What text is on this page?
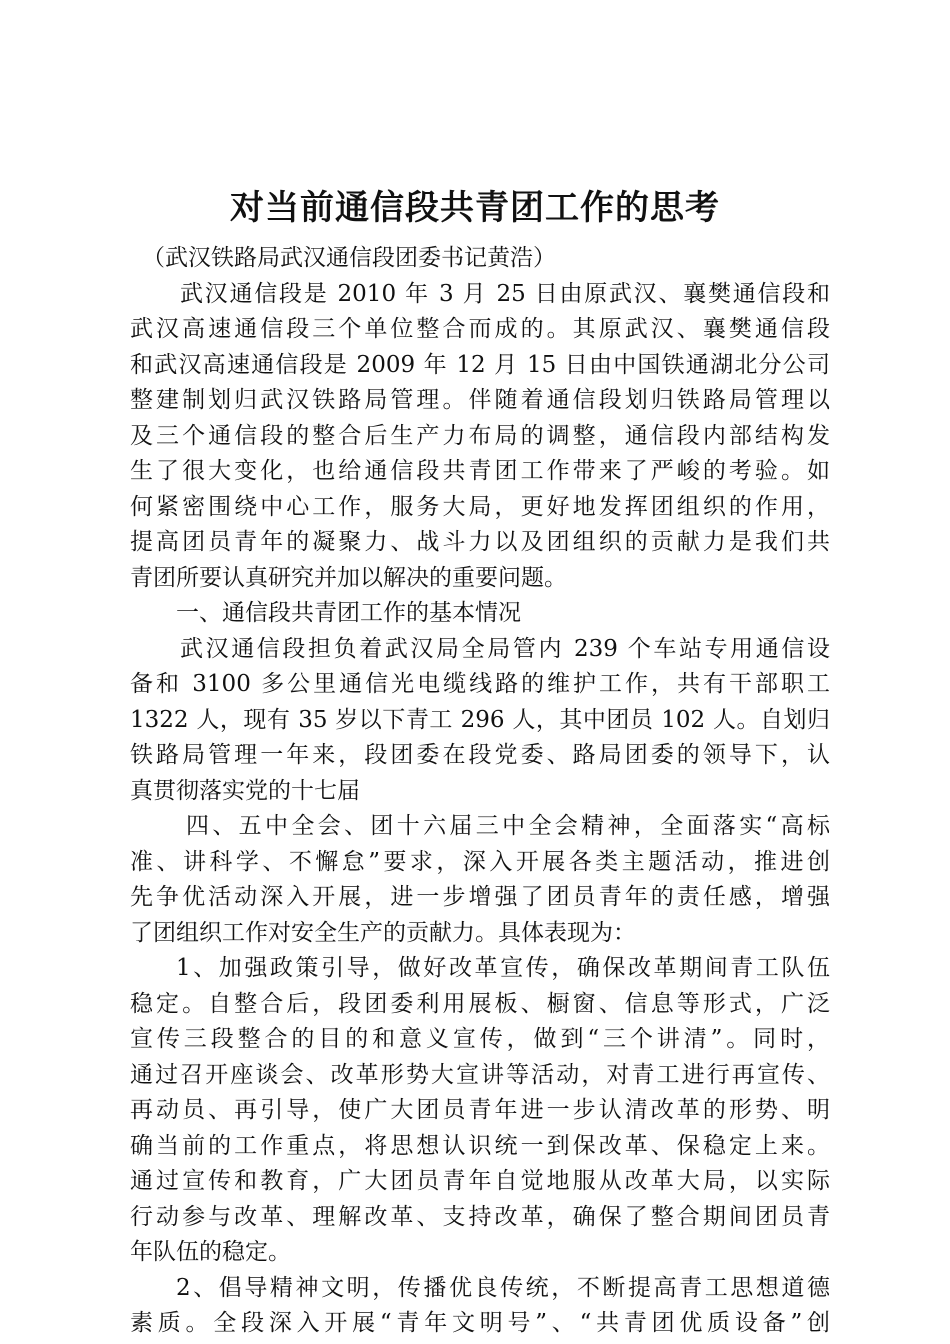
对当前通信段共青团工作的思考
（武汉铁路局武汉通信段团委书记黄浩）
武汉通信段是 2010 年 3 月 25 日由原武汉、襄樊通信段和
武汉高速通信段三个单位整合而成的。其原武汉、襄樊通信段
和武汉高速通信段是 2009 年 12 月 15 日由中国铁通湖北分公司
整建制划归武汉铁路局管理。伴随着通信段划归铁路局管理以
及三个通信段的整合后生产力布局的调整，通信段内部结构发
生了很大变化，也给通信段共青团工作带来了严峻的考验。如
何紧密围绕中心工作，服务大局，更好地发挥团组织的作用，
提高团员青年的凝聚力、战斗力以及团组织的贡献力是我们共
青团所要认真研究并加以解决的重要问题。
一、通信段共青团工作的基本情况
武汉通信段担负着武汉局全局管内 239 个车站专用通信设
备和 3100 多公里通信光电缆线路的维护工作，共有干部职工
1322 人，现有 35 岁以下青工 296 人，其中团员 102 人。自划归
铁路局管理一年来，段团委在段党委、路局团委的领导下，认
真贯彻落实党的十七届
四、五中全会、团十六届三中全会精神，全面落实“高标
准、讲科学、不懈怠”要求，深入开展各类主题活动，推进创
先争优活动深入开展，进一步增强了团员青年的责任感，增强
了团组织工作对安全生产的贡献力。具体表现为：
1、加强政策引导，做好改革宣传，确保改革期间青工队伍
稳定。自整合后，段团委利用展板、橱窗、信息等形式，广泛
宣传三段整合的目的和意义宣传，做到“三个讲清”。同时，
通过召开座谈会、改革形势大宣讲等活动，对青工进行再宣传、
再动员、再引导，使广大团员青年进一步认清改革的形势、明
确当前的工作重点，将思想认识统一到保改革、保稳定上来。
通过宣传和教育，广大团员青年自觉地服从改革大局，以实际
行动参与改革、理解改革、支持改革，确保了整合期间团员青
年队伍的稳定。
2、倡导精神文明，传播优良传统，不断提高青工思想道德
素质。全段深入开展“青年文明号”、“共青团优质设备”创
